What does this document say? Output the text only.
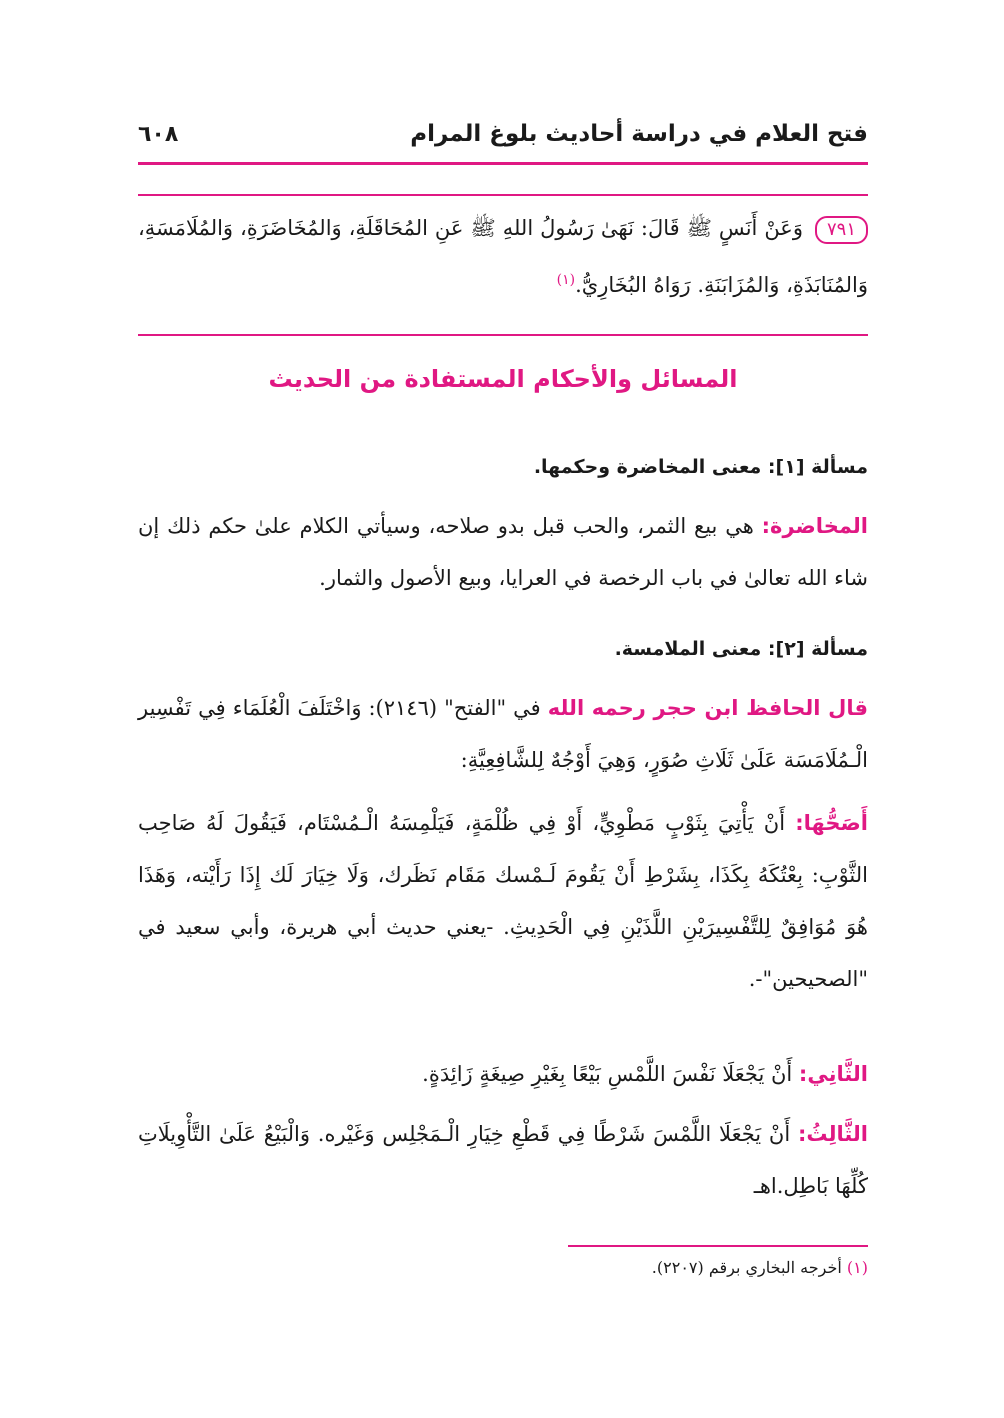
فتح العلام في دراسة أحاديث بلوغ المرام
٦٠٨
٧٩١وَعَنْ أَنَسٍ ﷺ قَالَ: نَهَىٰ رَسُولُ اللهِ ﷺ عَنِ المُحَاقَلَةِ، وَالمُخَاضَرَةِ، وَالمُلَامَسَةِ، وَالمُنَابَذَةِ، وَالمُزَابَنَةِ. رَوَاهُ البُخَارِيُّ.$^{(١)}$
المسائل والأحكام المستفادة من الحديث
مسألة [١]: معنى المخاضرة وحكمها.
المخاضرة: هي بيع الثمر، والحب قبل بدو صلاحه، وسيأتي الكلام علىٰ حكم ذلك إن شاء الله تعالىٰ في باب الرخصة في العرايا، وبيع الأصول والثمار.
مسألة [٢]: معنى الملامسة.
قال الحافظ ابن حجر رحمه الله في "الفتح" (٢١٤٦): وَاخْتَلَفَ الْعُلَمَاء فِي تَفْسِير الْـمُلَامَسَة عَلَىٰ ثَلَاثِ صُوَرٍ، وَهِيَ أَوْجُهٌ لِلشَّافِعِيَّةِ:
أَصَحُّهَا: أَنْ يَأْتِيَ بِثَوْبٍ مَطْوِيٍّ، أَوْ فِي ظُلْمَةٍ، فَيَلْمِسَهُ الْـمُسْتَام، فَيَقُولَ لَهُ صَاحِب الثَّوْبِ: بِعْتُكَهُ بِكَذَا، بِشَرْطِ أَنْ يَقُومَ لَـمْسك مَقَام نَظَرك، وَلَا خِيَارَ لَك إِذَا رَأَيْته، وَهَذَا هُوَ مُوَافِقٌ لِلتَّفْسِيرَيْنِ اللَّذَيْنِ فِي الْحَدِيثِ. -يعني حديث أبي هريرة، وأبي سعيد في "الصحيحين"-.
الثَّانِي: أَنْ يَجْعَلَا نَفْسَ اللَّمْسِ بَيْعًا بِغَيْرِ صِيغَةٍ زَائِدَةٍ.
الثَّالِثُ: أَنْ يَجْعَلَا اللَّمْسَ شَرْطًا فِي قَطْعِ خِيَارِ الْـمَجْلِس وَغَيْره. وَالْبَيْعُ عَلَىٰ التَّأْوِيلَاتِ كُلِّهَا بَاطِل.اهـ
(١) أخرجه البخاري برقم (٢٢٠٧).
